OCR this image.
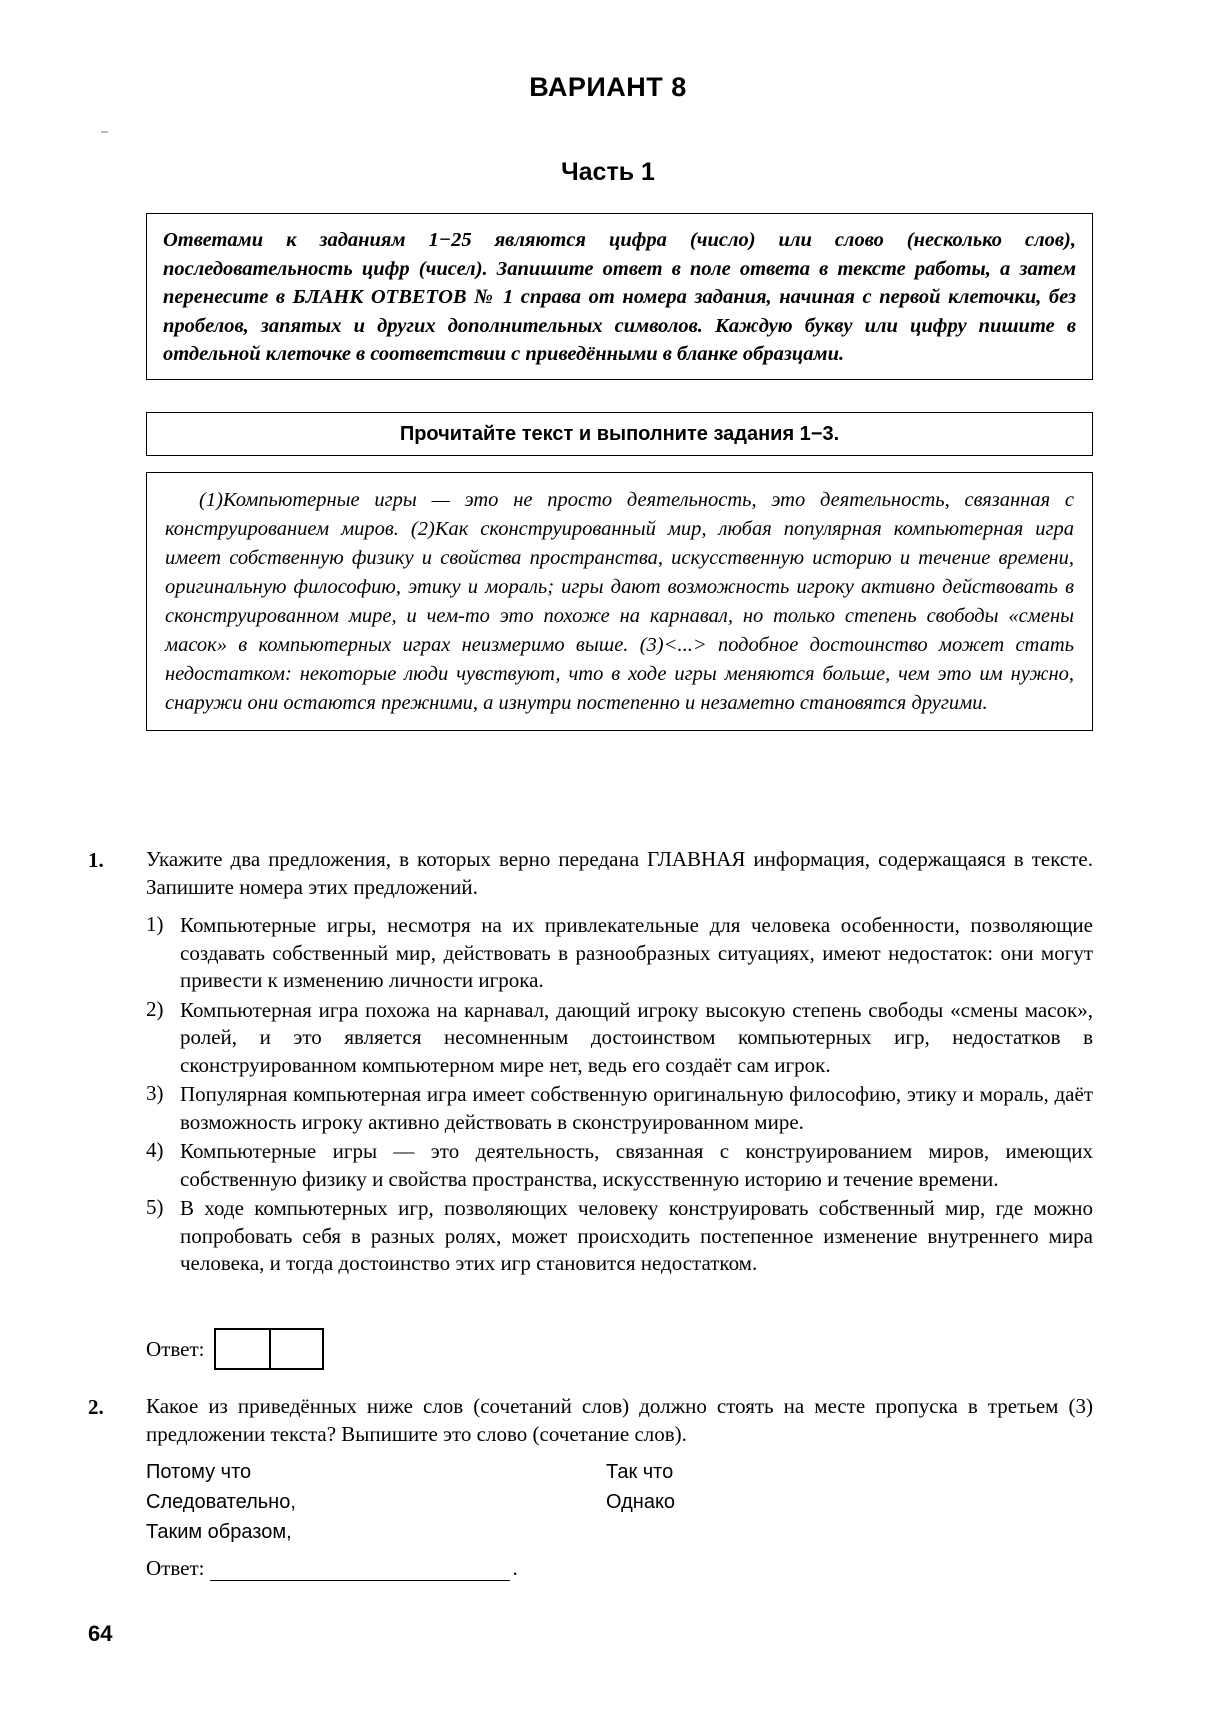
ВАРИАНТ 8
Часть 1
Ответами к заданиям 1−25 являются цифра (число) или слово (несколько слов), последовательность цифр (чисел). Запишите ответ в поле ответа в тексте работы, а затем перенесите в БЛАНК ОТВЕТОВ № 1 справа от номера задания, начиная с первой клеточки, без пробелов, запятых и других дополнительных символов. Каждую букву или цифру пишите в отдельной клеточке в соответствии с приведёнными в бланке образцами.
Прочитайте текст и выполните задания 1−3.

(1)Компьютерные игры — это не просто деятельность, это деятельность, связанная с конструированием миров. (2)Как сконструированный мир, любая популярная компьютерная игра имеет собственную физику и свойства пространства, искусственную историю и течение времени, оригинальную философию, этику и мораль; игры дают возможность игроку активно действовать в сконструированном мире, и чем-то это похоже на карнавал, но только степень свободы «смены масок» в компьютерных играх неизмеримо выше. (3)<...> подобное достоинство может стать недостатком: некоторые люди чувствуют, что в ходе игры меняются больше, чем это им нужно, снаружи они остаются прежними, а изнутри постепенно и незаметно становятся другими.

1. Укажите два предложения, в которых верно передана ГЛАВНАЯ информация, содержащаяся в тексте. Запишите номера этих предложений.
1) Компьютерные игры, несмотря на их привлекательные для человека особенности, позволяющие создавать собственный мир, действовать в разнообразных ситуациях, имеют недостаток: они могут привести к изменению личности игрока.
2) Компьютерная игра похожа на карнавал, дающий игроку высокую степень свободы «смены масок», ролей, и это является несомненным достоинством компьютерных игр, недостатков в сконструированном компьютерном мире нет, ведь его создаёт сам игрок.
3) Популярная компьютерная игра имеет собственную оригинальную философию, этику и мораль, даёт возможность игроку активно действовать в сконструированном мире.
4) Компьютерные игры — это деятельность, связанная с конструированием миров, имеющих собственную физику и свойства пространства, искусственную историю и течение времени.
5) В ходе компьютерных игр, позволяющих человеку конструировать собственный мир, где можно попробовать себя в разных ролях, может происходить постепенное изменение внутреннего мира человека, и тогда достоинство этих игр становится недостатком.
Ответ:
2. Какое из приведённых ниже слов (сочетаний слов) должно стоять на месте пропуска в третьем (3) предложении текста? Выпишите это слово (сочетание слов).
Потому что
Следовательно,
Таким образом,
Так что
Однако
Ответ:	.
64
